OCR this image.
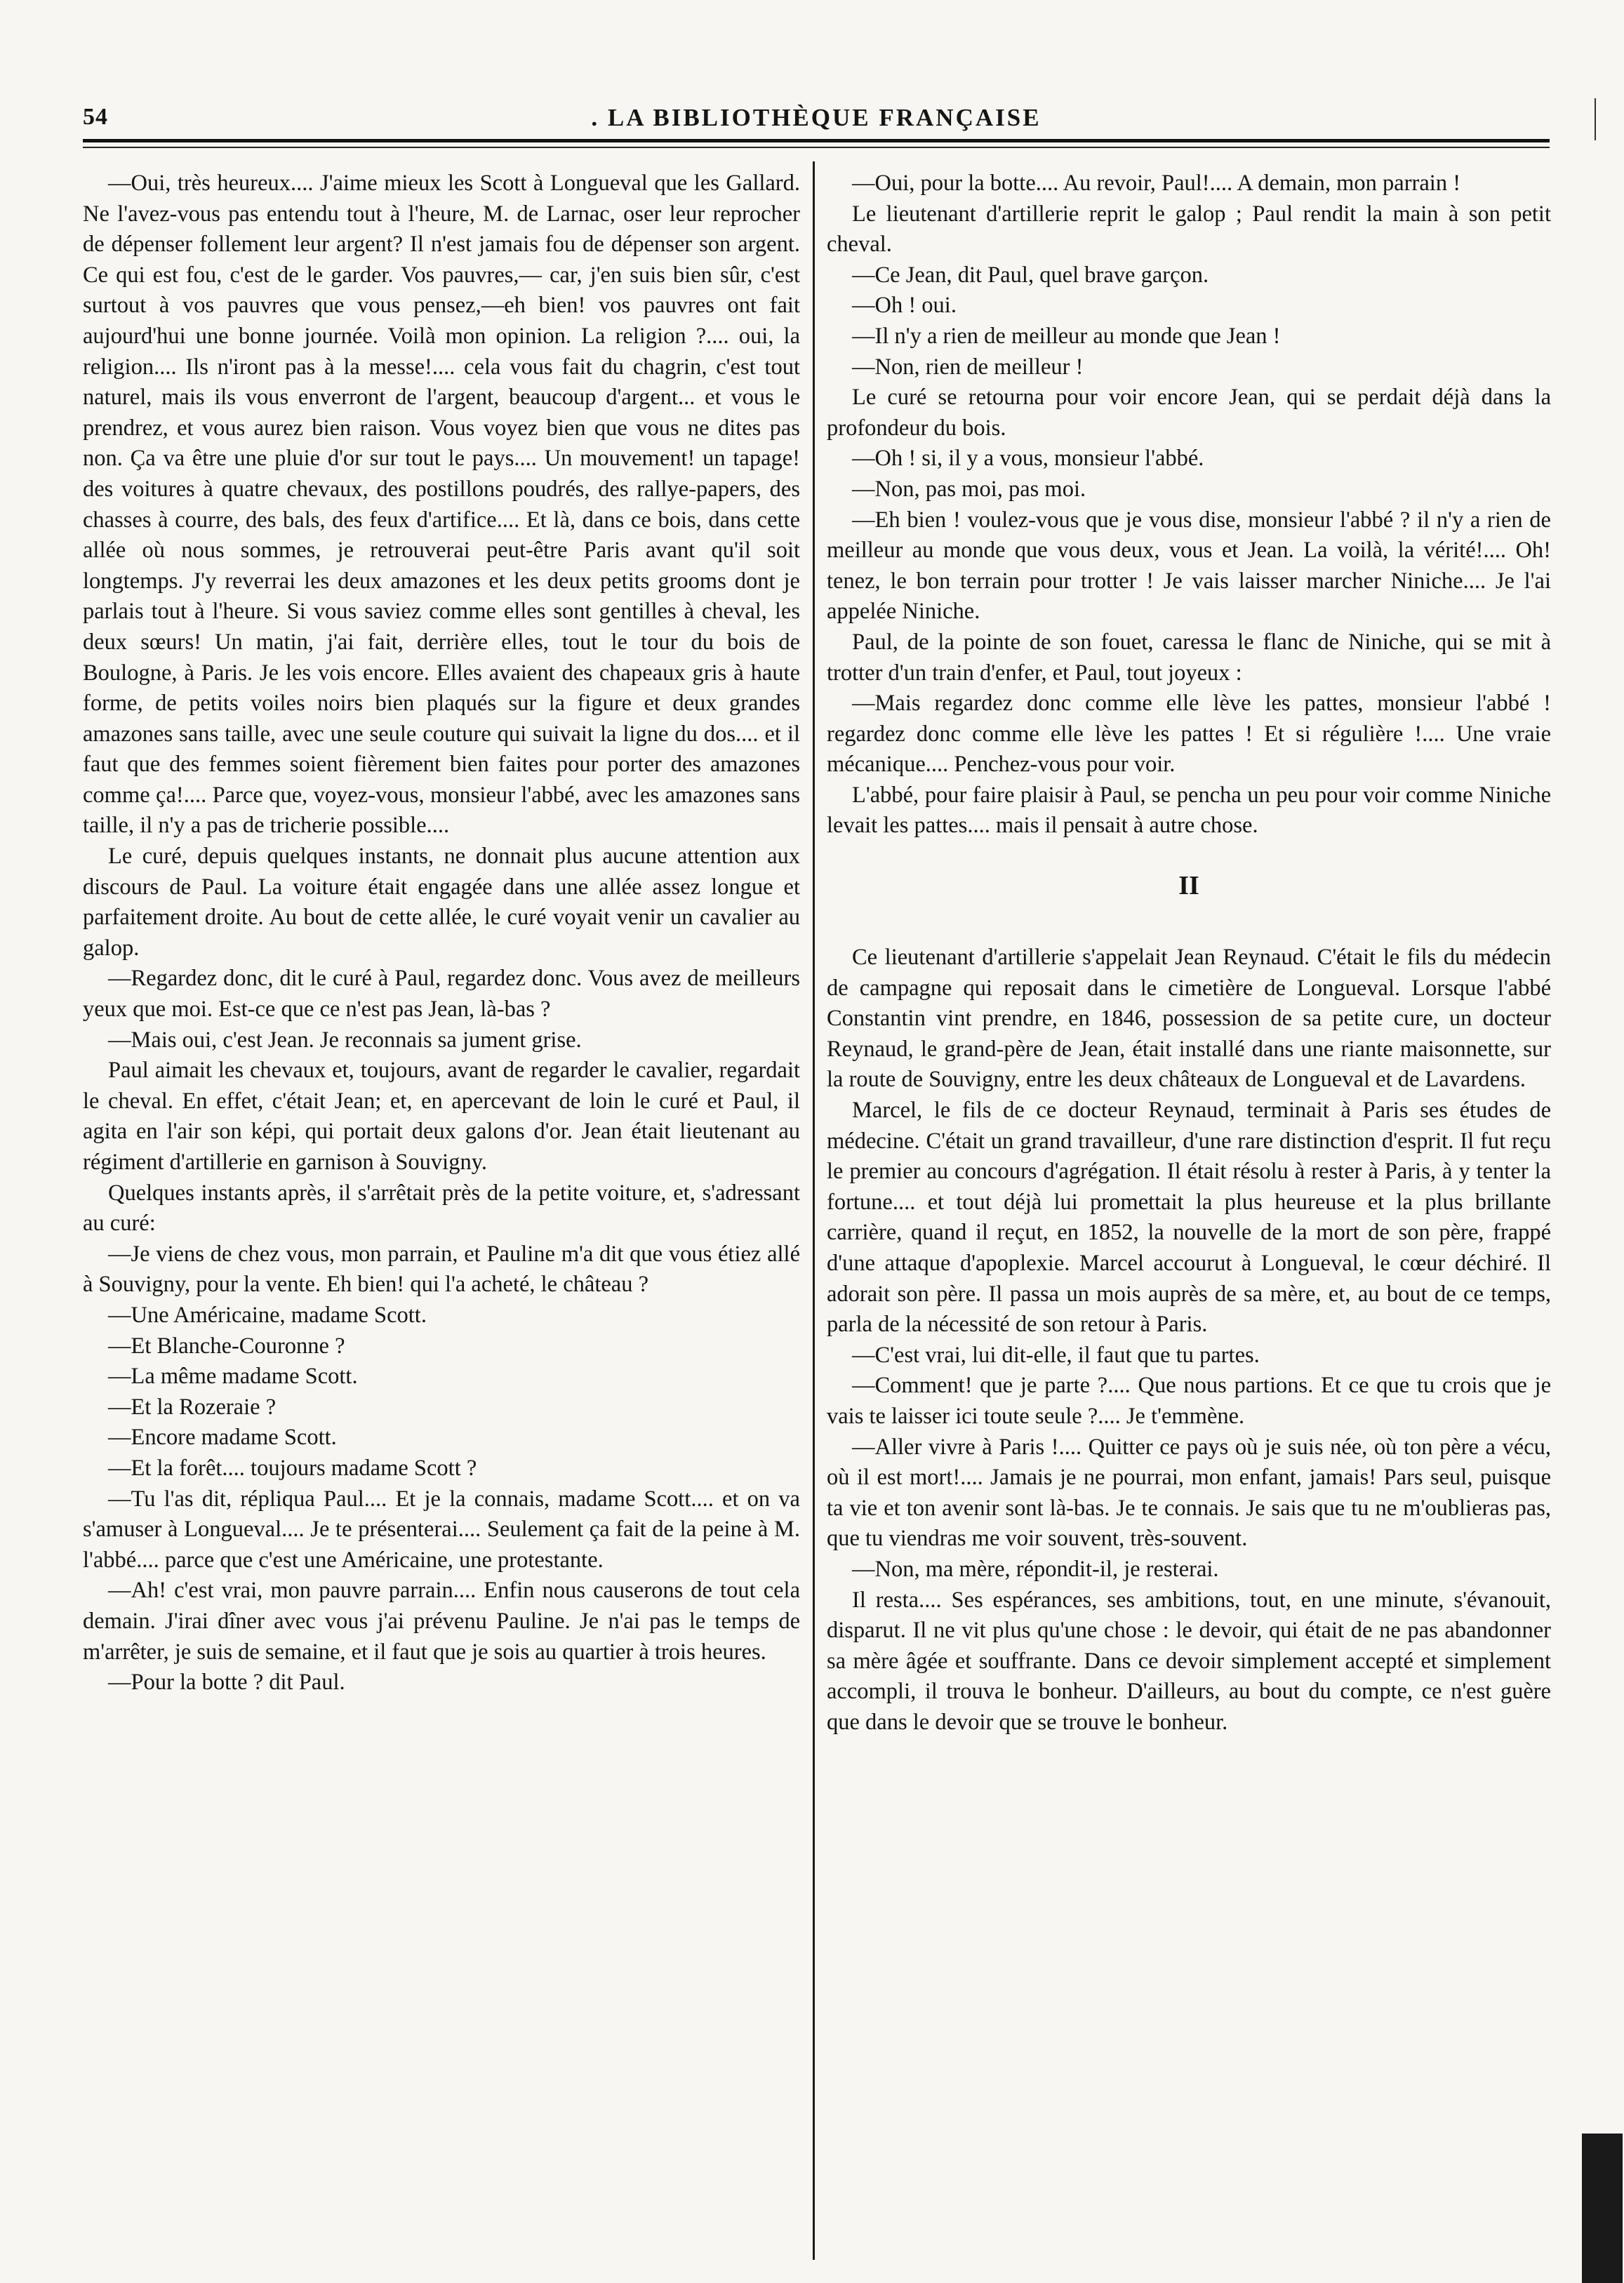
54	. LA BIBLIOTHÈQUE FRANÇAISE

—Oui, très heureux.... J'aime mieux les Scott à Longueval que les Gallard. Ne l'avez-vous pas entendu tout à l'heure, M. de Larnac, oser leur reprocher de dépenser follement leur argent? Il n'est jamais fou de dépenser son argent. Ce qui est fou, c'est de le garder. Vos pauvres,— car, j'en suis bien sûr, c'est surtout à vos pauvres que vous pensez,—eh bien! vos pauvres ont fait aujourd'hui une bonne journée. Voilà mon opinion. La religion ?.... oui, la religion.... Ils n'iront pas à la messe!.... cela vous fait du chagrin, c'est tout naturel, mais ils vous enverront de l'argent, beaucoup d'argent... et vous le prendrez, et vous aurez bien raison. Vous voyez bien que vous ne dites pas non. Ça va être une pluie d'or sur tout le pays.... Un mouvement! un tapage! des voitures à quatre chevaux, des postillons poudrés, des rallye-papers, des chasses à courre, des bals, des feux d'artifice.... Et là, dans ce bois, dans cette allée où nous sommes, je retrouverai peut-être Paris avant qu'il soit longtemps. J'y reverrai les deux amazones et les deux petits grooms dont je parlais tout à l'heure. Si vous saviez comme elles sont gentilles à cheval, les deux sœurs! Un matin, j'ai fait, derrière elles, tout le tour du bois de Boulogne, à Paris. Je les vois encore. Elles avaient des chapeaux gris à haute forme, de petits voiles noirs bien plaqués sur la figure et deux grandes amazones sans taille, avec une seule couture qui suivait la ligne du dos.... et il faut que des femmes soient fièrement bien faites pour porter des amazones comme ça!.... Parce que, voyez-vous, monsieur l'abbé, avec les amazones sans taille, il n'y a pas de tricherie possible....

Le curé, depuis quelques instants, ne donnait plus aucune attention aux discours de Paul. La voiture était engagée dans une allée assez longue et parfaitement droite. Au bout de cette allée, le curé voyait venir un cavalier au galop.

—Regardez donc, dit le curé à Paul, regardez donc. Vous avez de meilleurs yeux que moi. Est-ce que ce n'est pas Jean, là-bas ?

—Mais oui, c'est Jean. Je reconnais sa jument grise.

Paul aimait les chevaux et, toujours, avant de regarder le cavalier, regardait le cheval. En effet, c'était Jean; et, en apercevant de loin le curé et Paul, il agita en l'air son képi, qui portait deux galons d'or. Jean était lieutenant au régiment d'artillerie en garnison à Souvigny.

Quelques instants après, il s'arrêtait près de la petite voiture, et, s'adressant au curé:

—Je viens de chez vous, mon parrain, et Pauline m'a dit que vous étiez allé à Souvigny, pour la vente. Eh bien! qui l'a acheté, le château ?

—Une Américaine, madame Scott.

—Et Blanche-Couronne ?

—La même madame Scott.

—Et la Rozeraie ?

—Encore madame Scott.

—Et la forêt.... toujours madame Scott ?

—Tu l'as dit, répliqua Paul.... Et je la connais, madame Scott.... et on va s'amuser à Longueval.... Je te présenterai.... Seulement ça fait de la peine à M. l'abbé.... parce que c'est une Américaine, une protestante.

—Ah! c'est vrai, mon pauvre parrain.... Enfin nous causerons de tout cela demain. J'irai dîner avec vous j'ai prévenu Pauline. Je n'ai pas le temps de m'arrêter, je suis de semaine, et il faut que je sois au quartier à trois heures.

—Pour la botte ? dit Paul.

—Oui, pour la botte.... Au revoir, Paul!.... A demain, mon parrain !

Le lieutenant d'artillerie reprit le galop ; Paul rendit la main à son petit cheval.

—Ce Jean, dit Paul, quel brave garçon.

—Oh ! oui.

—Il n'y a rien de meilleur au monde que Jean !

—Non, rien de meilleur !

Le curé se retourna pour voir encore Jean, qui se perdait déjà dans la profondeur du bois.

—Oh ! si, il y a vous, monsieur l'abbé.

—Non, pas moi, pas moi.

—Eh bien ! voulez-vous que je vous dise, monsieur l'abbé ? il n'y a rien de meilleur au monde que vous deux, vous et Jean. La voilà, la vérité!.... Oh! tenez, le bon terrain pour trotter ! Je vais laisser marcher Niniche.... Je l'ai appelée Niniche.

Paul, de la pointe de son fouet, caressa le flanc de Niniche, qui se mit à trotter d'un train d'enfer, et Paul, tout joyeux :

—Mais regardez donc comme elle lève les pattes, monsieur l'abbé ! regardez donc comme elle lève les pattes ! Et si régulière !.... Une vraie mécanique.... Penchez-vous pour voir.

L'abbé, pour faire plaisir à Paul, se pencha un peu pour voir comme Niniche levait les pattes.... mais il pensait à autre chose.

II

Ce lieutenant d'artillerie s'appelait Jean Reynaud. C'était le fils du médecin de campagne qui reposait dans le cimetière de Longueval. Lorsque l'abbé Constantin vint prendre, en 1846, possession de sa petite cure, un docteur Reynaud, le grand-père de Jean, était installé dans une riante maisonnette, sur la route de Souvigny, entre les deux châteaux de Longueval et de Lavardens.

Marcel, le fils de ce docteur Reynaud, terminait à Paris ses études de médecine. C'était un grand travailleur, d'une rare distinction d'esprit. Il fut reçu le premier au concours d'agrégation. Il était résolu à rester à Paris, à y tenter la fortune.... et tout déjà lui promettait la plus heureuse et la plus brillante carrière, quand il reçut, en 1852, la nouvelle de la mort de son père, frappé d'une attaque d'apoplexie. Marcel accourut à Longueval, le cœur déchiré. Il adorait son père. Il passa un mois auprès de sa mère, et, au bout de ce temps, parla de la nécessité de son retour à Paris.

—C'est vrai, lui dit-elle, il faut que tu partes.

—Comment! que je parte ?.... Que nous partions. Et ce que tu crois que je vais te laisser ici toute seule ?.... Je t'emmène.

—Aller vivre à Paris !.... Quitter ce pays où je suis née, où ton père a vécu, où il est mort!.... Jamais je ne pourrai, mon enfant, jamais! Pars seul, puisque ta vie et ton avenir sont là-bas. Je te connais. Je sais que tu ne m'oublieras pas, que tu viendras me voir souvent, très-souvent.

—Non, ma mère, répondit-il, je resterai.

Il resta.... Ses espérances, ses ambitions, tout, en une minute, s'évanouit, disparut. Il ne vit plus qu'une chose : le devoir, qui était de ne pas abandonner sa mère âgée et souffrante. Dans ce devoir simplement accepté et simplement accompli, il trouva le bonheur. D'ailleurs, au bout du compte, ce n'est guère que dans le devoir que se trouve le bonheur.
